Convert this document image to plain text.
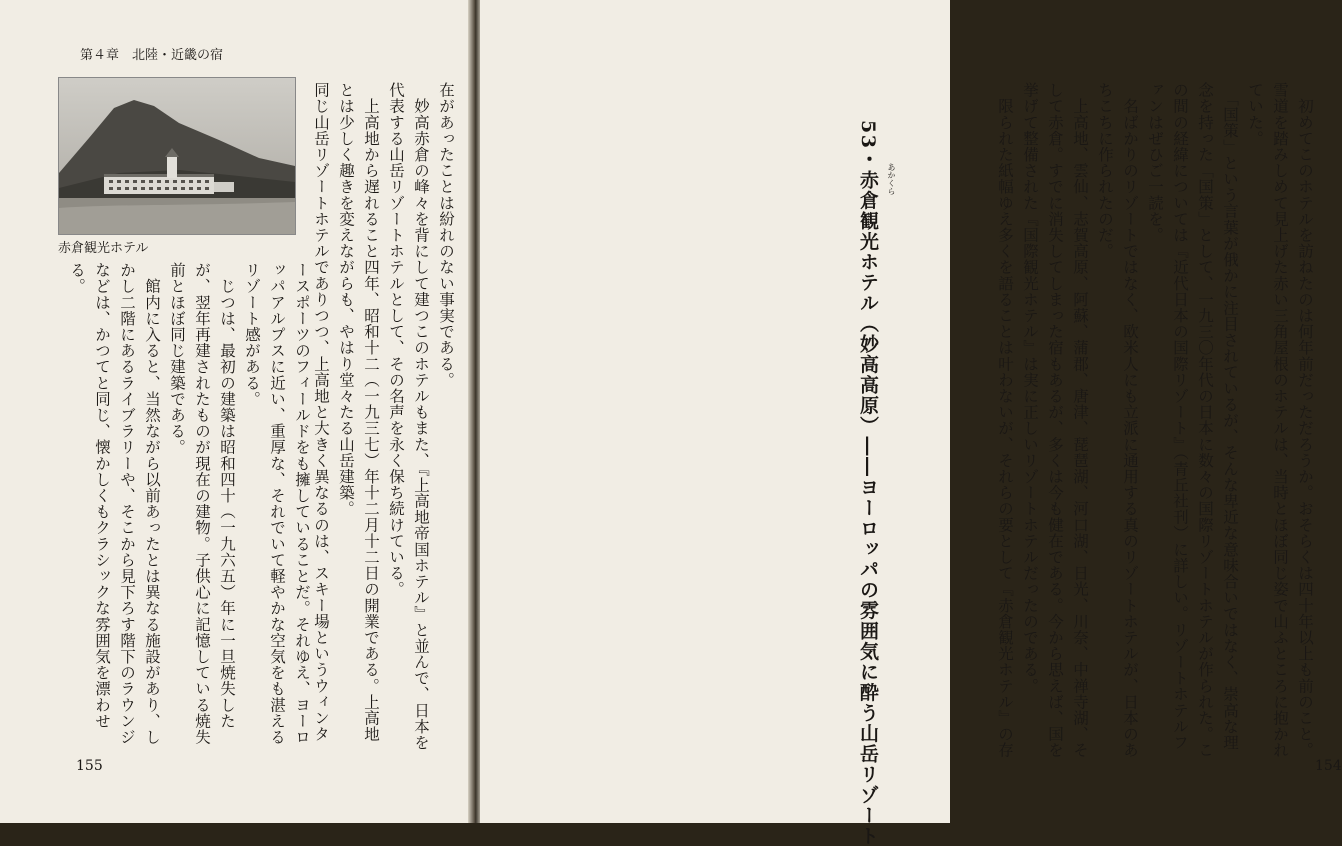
第４章　北陸・近畿の宿
赤倉観光ホテル	在があったことは紛れのない事実である。
　妙高赤倉の峰々を背にして建つこのホテルもまた、『上高地帝国ホテル』と並んで、日本を代表する山岳リゾートホテルとして、その名声を永く保ち続けている。
　上高地から遅れること四年、昭和十二（一九三七）年十二月十二日の開業である。上高地とは少しく趣きを変えながらも、やはり堂々たる山岳建築。
同じ山岳リゾートホテルでありつつ、上高地と大きく異なるのは、スキー場というウィンタ
ースポーツのフィールドをも擁していることだ。それゆえ、ヨーロッパアルプスに近い、重厚な、それでいて軽やかな空気をも湛えるリゾート感がある。
　じつは、最初の建築は昭和四十（一九六五）年に一旦焼失したが、翌年再建されたものが現在の建物。子供心に記憶している焼失前とほぼ同じ建築である。
　館内に入ると、当然ながら以前あったとは異なる施設があり、しかし二階にあるライブラリーや、そこから見下ろす階下のラウンジなどは、かつてと同じ、懐かしくもクラシックな雰囲気を漂わせる。
155
　初めてこのホテルを訪ねたのは何年前だっただろうか。おそらくは四十年以上も前のこと。雪道を踏みしめて見上げた赤い三角屋根のホテルは、当時とほぼ同じ姿で山ふところに抱かれていた。
　「国策」という言葉が俄かに注目されているが、そんな卑近な意味合いではなく、崇高な理念を持った「国策」として、一九三〇年代の日本に数々の国際リゾートホテルが作られた。この間の経緯については『近代日本の国際リゾート』（青丘社刊）に詳しい。リゾートホテルファンはぜひご一読を。
　名ばかりのリゾートではなく、欧米人にも立派に通用する真のリゾートホテルが、日本のあちこちに作られたのだ。
　上高地、雲仙、志賀高原、阿蘇、蒲郡、唐津、琵琶湖、河口湖、日光、川奈、中禅寺湖、そして赤倉。すでに消失してしまった宿もあるが、多くは今も健在である。今から思えば、国を挙げて整備された『国際観光ホテル』は実に正しいリゾートホテルだったのである。
　限られた紙幅ゆえ多くを語ることは叶わないが、それらの要として『赤倉観光ホテル』の存
154
53・赤倉観光ホテル（妙高高原）――ヨーロッパの雰囲気に酔う山岳リゾート	あかくら
